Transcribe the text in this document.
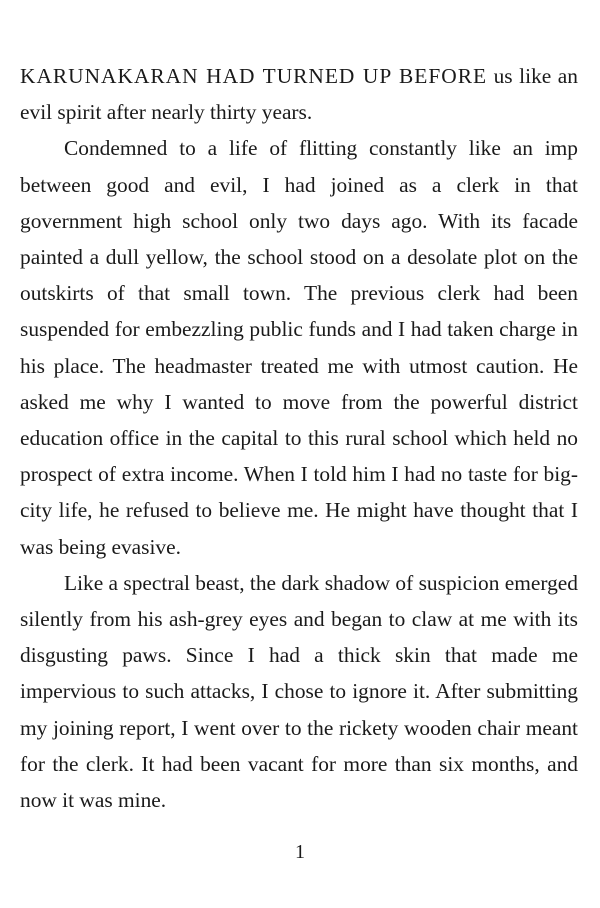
KARUNAKARAN HAD TURNED UP BEFORE us like an evil spirit after nearly thirty years.

Condemned to a life of flitting constantly like an imp between good and evil, I had joined as a clerk in that government high school only two days ago. With its facade painted a dull yellow, the school stood on a desolate plot on the outskirts of that small town. The previous clerk had been suspended for embezzling public funds and I had taken charge in his place. The headmaster treated me with utmost caution. He asked me why I wanted to move from the powerful district education office in the capital to this rural school which held no prospect of extra income. When I told him I had no taste for big-city life, he refused to believe me. He might have thought that I was being evasive.

Like a spectral beast, the dark shadow of suspicion emerged silently from his ash-grey eyes and began to claw at me with its disgusting paws. Since I had a thick skin that made me impervious to such attacks, I chose to ignore it. After submitting my joining report, I went over to the rickety wooden chair meant for the clerk. It had been vacant for more than six months, and now it was mine.

1
